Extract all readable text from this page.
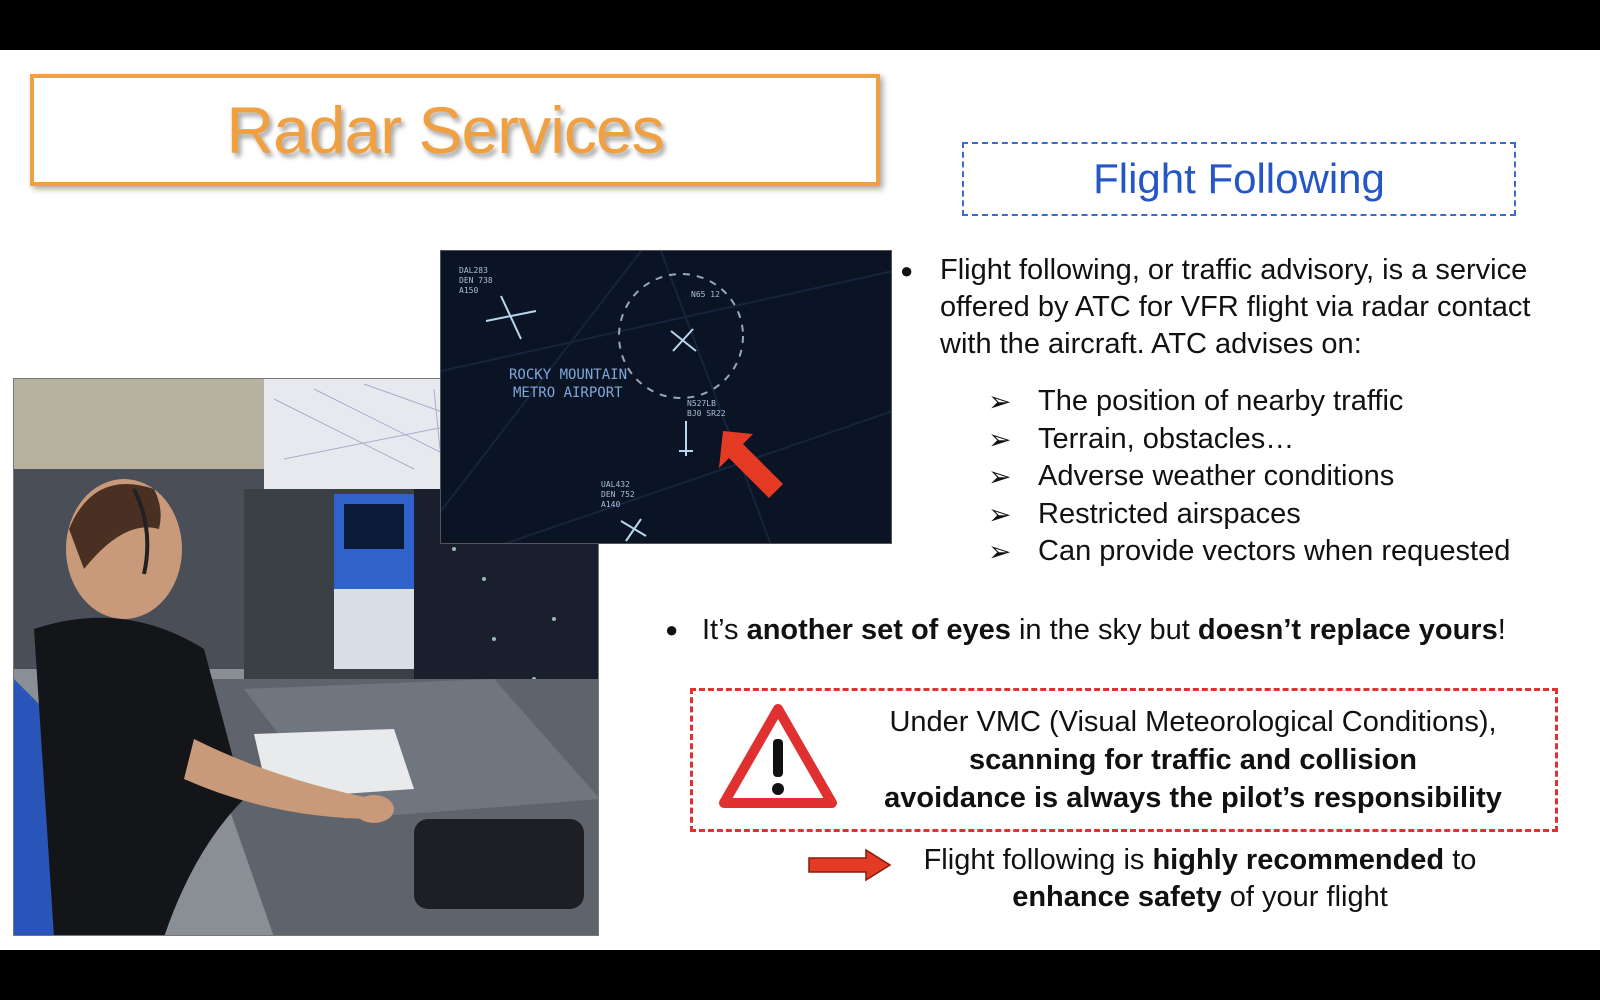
Radar Services
Flight Following
DAL283
DEN 738
A150	N65 12
ROCKY MOUNTAIN
METRO AIRPORT
N527LB
BJ0 SR22
UAL432
DEN 752
A140
● Flight following, or traffic advisory, is a service offered by ATC for VFR flight via radar contact with the aircraft. ATC advises on:
➢ The position of nearby traffic
➢ Terrain, obstacles…
➢ Adverse weather conditions
➢ Restricted airspaces
➢ Can provide vectors when requested
● It’s another set of eyes in the sky but doesn’t replace yours!
Under VMC (Visual Meteorological Conditions),
scanning for traffic and collision
avoidance is always the pilot’s responsibility
Flight following is highly recommended to
enhance safety of your flight
